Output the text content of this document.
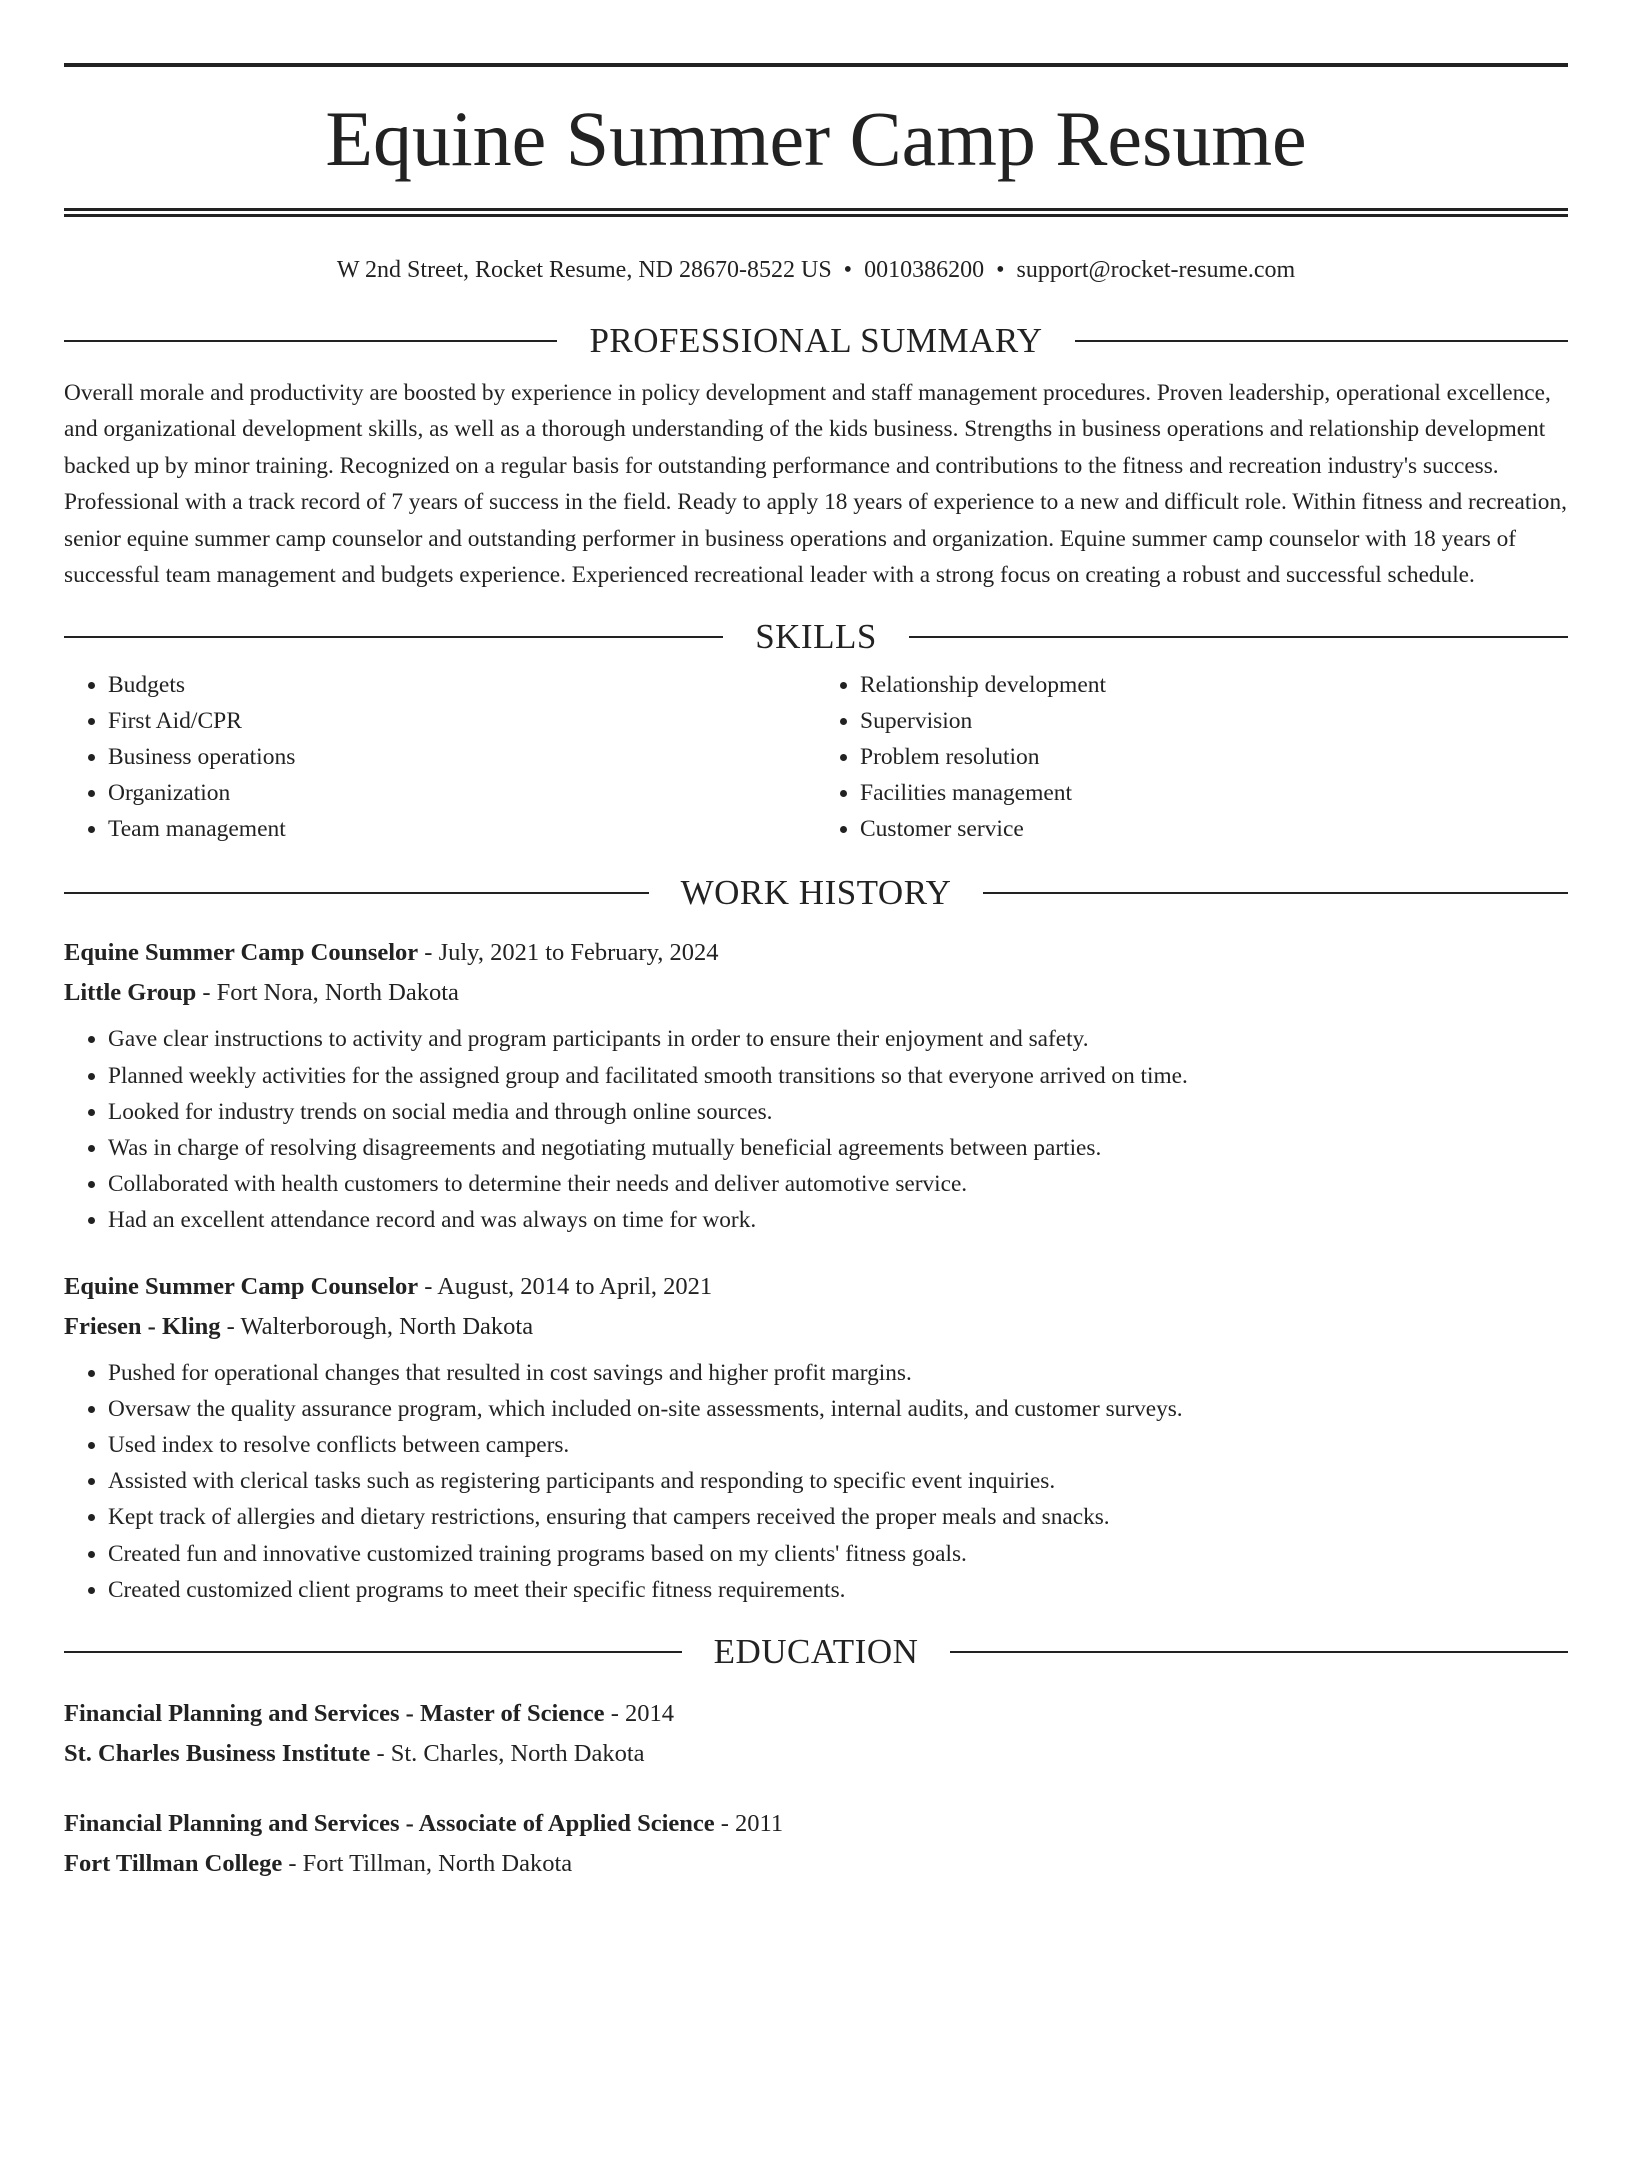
Equine Summer Camp Resume
W 2nd Street, Rocket Resume, ND 28670-8522 US • 0010386200 • support@rocket-resume.com
PROFESSIONAL SUMMARY
Overall morale and productivity are boosted by experience in policy development and staff management procedures. Proven leadership, operational excellence, and organizational development skills, as well as a thorough understanding of the kids business. Strengths in business operations and relationship development backed up by minor training. Recognized on a regular basis for outstanding performance and contributions to the fitness and recreation industry's success. Professional with a track record of 7 years of success in the field. Ready to apply 18 years of experience to a new and difficult role. Within fitness and recreation, senior equine summer camp counselor and outstanding performer in business operations and organization. Equine summer camp counselor with 18 years of successful team management and budgets experience. Experienced recreational leader with a strong focus on creating a robust and successful schedule.
SKILLS
• Budgets
• First Aid/CPR
• Business operations
• Organization
• Team management
• Relationship development
• Supervision
• Problem resolution
• Facilities management
• Customer service
WORK HISTORY
Equine Summer Camp Counselor - July, 2021 to February, 2024
Little Group - Fort Nora, North Dakota
• Gave clear instructions to activity and program participants in order to ensure their enjoyment and safety.
• Planned weekly activities for the assigned group and facilitated smooth transitions so that everyone arrived on time.
• Looked for industry trends on social media and through online sources.
• Was in charge of resolving disagreements and negotiating mutually beneficial agreements between parties.
• Collaborated with health customers to determine their needs and deliver automotive service.
• Had an excellent attendance record and was always on time for work.
Equine Summer Camp Counselor - August, 2014 to April, 2021
Friesen - Kling - Walterborough, North Dakota
• Pushed for operational changes that resulted in cost savings and higher profit margins.
• Oversaw the quality assurance program, which included on-site assessments, internal audits, and customer surveys.
• Used index to resolve conflicts between campers.
• Assisted with clerical tasks such as registering participants and responding to specific event inquiries.
• Kept track of allergies and dietary restrictions, ensuring that campers received the proper meals and snacks.
• Created fun and innovative customized training programs based on my clients' fitness goals.
• Created customized client programs to meet their specific fitness requirements.
EDUCATION
Financial Planning and Services - Master of Science - 2014
St. Charles Business Institute - St. Charles, North Dakota
Financial Planning and Services - Associate of Applied Science - 2011
Fort Tillman College - Fort Tillman, North Dakota
